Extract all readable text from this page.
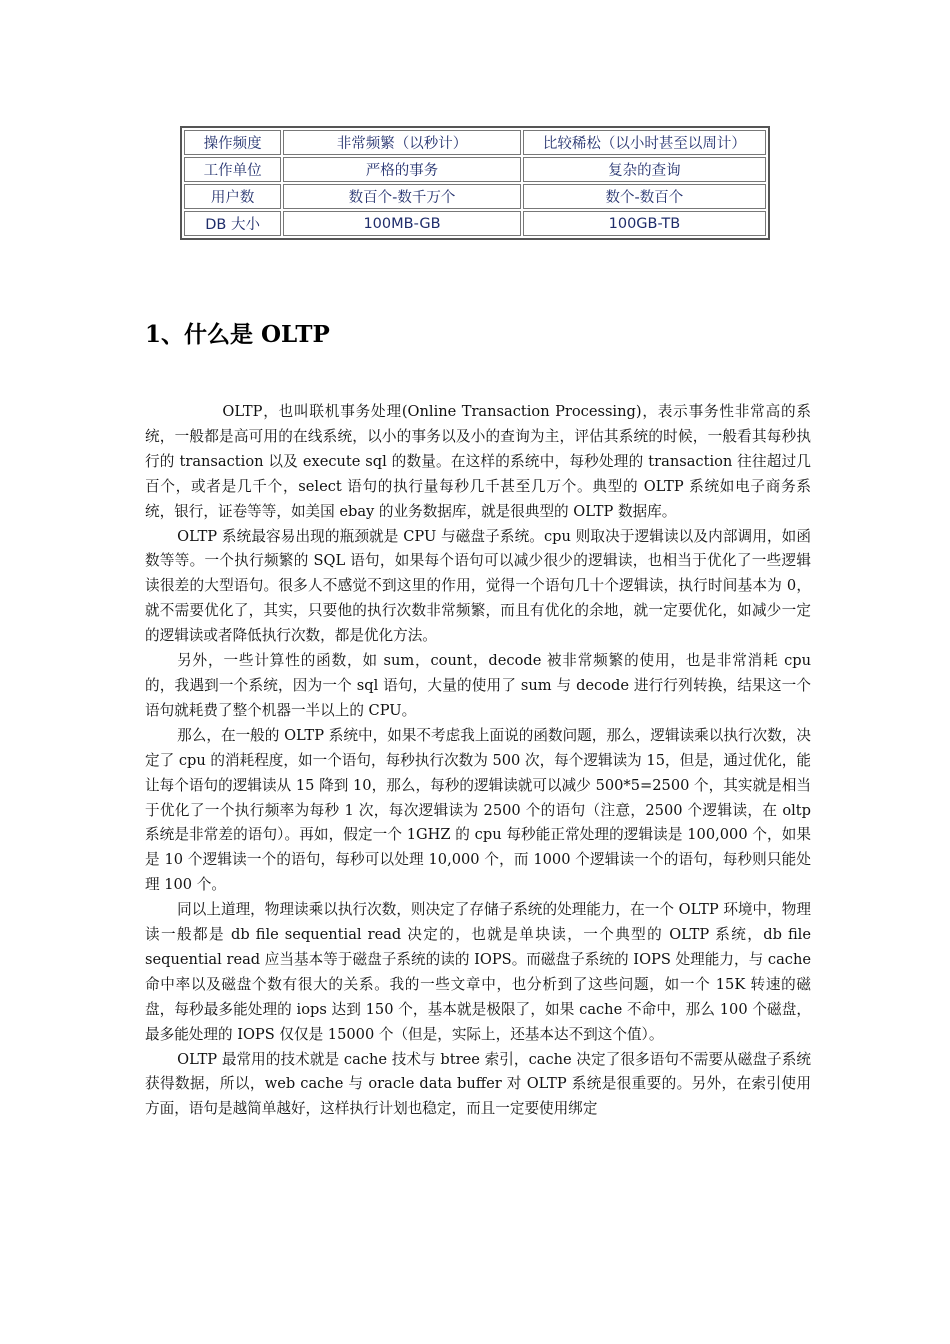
操作频度	非常频繁（以秒计）	比较稀松（以小时甚至以周计）
工作单位	严格的事务	复杂的查询
用户数	数百个-数千万个	数个-数百个
DB 大小	100MB-GB	100GB-TB
1、什么是 OLTP

OLTP，也叫联机事务处理(Online Transaction Processing)，表示事务性非常高的系统，一般都是高可用的在线系统，以小的事务以及小的查询为主，评估其系统的时候，一般看其每秒执行的 transaction 以及 execute sql 的数量。在这样的系统中，每秒处理的 transaction 往往超过几百个，或者是几千个，select 语句的执行量每秒几千甚至几万个。典型的 OLTP 系统如电子商务系统，银行，证卷等等，如美国 ebay 的业务数据库，就是很典型的 OLTP 数据库。

OLTP 系统最容易出现的瓶颈就是 CPU 与磁盘子系统。cpu 则取决于逻辑读以及内部调用，如函数等等。一个执行频繁的 SQL 语句，如果每个语句可以减少很少的逻辑读，也相当于优化了一些逻辑读很差的大型语句。很多人不感觉不到这里的作用，觉得一个语句几十个逻辑读，执行时间基本为 0，就不需要优化了，其实，只要他的执行次数非常频繁，而且有优化的余地，就一定要优化，如减少一定的逻辑读或者降低执行次数，都是优化方法。

另外，一些计算性的函数，如 sum，count，decode 被非常频繁的使用，也是非常消耗 cpu 的，我遇到一个系统，因为一个 sql 语句，大量的使用了 sum 与 decode 进行行列转换，结果这一个语句就耗费了整个机器一半以上的 CPU。

那么，在一般的 OLTP 系统中，如果不考虑我上面说的函数问题，那么，逻辑读乘以执行次数，决定了 cpu 的消耗程度，如一个语句，每秒执行次数为 500 次，每个逻辑读为 15，但是，通过优化，能让每个语句的逻辑读从 15 降到 10，那么，每秒的逻辑读就可以减少 500*5=2500 个，其实就是相当于优化了一个执行频率为每秒 1 次，每次逻辑读为 2500 个的语句（注意，2500 个逻辑读，在 oltp 系统是非常差的语句）。再如，假定一个 1GHZ 的 cpu 每秒能正常处理的逻辑读是 100,000 个，如果是 10 个逻辑读一个的语句，每秒可以处理 10,000 个，而 1000 个逻辑读一个的语句，每秒则只能处理 100 个。

同以上道理，物理读乘以执行次数，则决定了存储子系统的处理能力，在一个 OLTP 环境中，物理读一般都是 db file sequential read 决定的，也就是单块读，一个典型的 OLTP 系统，db file sequential read 应当基本等于磁盘子系统的读的 IOPS。而磁盘子系统的 IOPS 处理能力，与 cache 命中率以及磁盘个数有很大的关系。我的一些文章中，也分析到了这些问题，如一个 15K 转速的磁盘，每秒最多能处理的 iops 达到 150 个，基本就是极限了，如果 cache 不命中，那么 100 个磁盘，最多能处理的 IOPS 仅仅是 15000 个（但是，实际上，还基本达不到这个值）。

OLTP 最常用的技术就是 cache 技术与 btree 索引，cache 决定了很多语句不需要从磁盘子系统获得数据，所以，web cache 与 oracle data buffer 对 OLTP 系统是很重要的。另外，在索引使用方面，语句是越简单越好，这样执行计划也稳定，而且一定要使用绑定
